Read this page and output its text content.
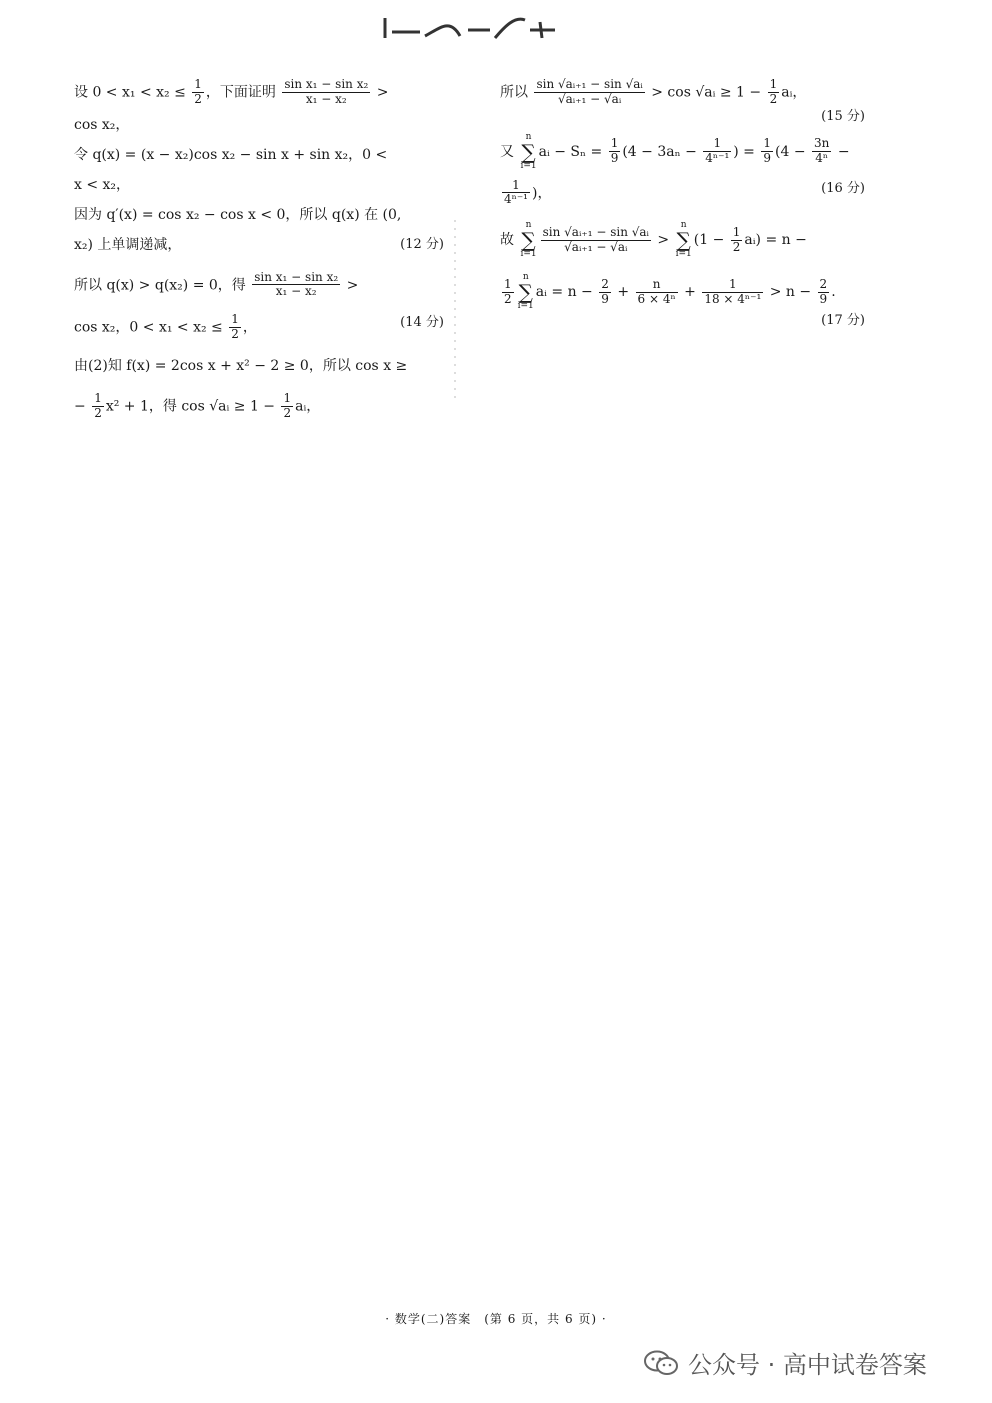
设 $0 < x_1 < x_2 \le \frac{1}{2}$ ，下面证明 $\frac{\text{sin x₁ − sin x₂}}{\text{x₁ − x₂}}$ >
cos x₂，
令 q(x) = (x − x₂)cos x₂ − sin x + sin x₂，0 <
x < x₂，
因为 q′(x) = cos x₂ − cos x < 0，所以 q(x) 在 (0,
x₂) 上单调递减，	(12 分)
所以 q(x) > q(x₂) = 0，得 $\frac{\text{sin x₁ − sin x₂}}{\text{x₁ − x₂}}$ >
cos x₂，$0 < x_1 < x_2 \le \frac{1}{2}$ ，	(14 分)
由(2)知 f(x) = 2cos x + x² − 2 ≥ 0，所以 cos x ≥
− $\frac{1}{2} x^2 + 1$，得 cos √aᵢ ≥ $1 - \frac{1}{2}$ aᵢ，
所以 $\frac{\text{sin √aᵢ₊₁ − sin √aᵢ}}{\text{√aᵢ₊₁ − √aᵢ}} > \cos$ √aᵢ ≥ $1 - \frac{1}{2}$ aᵢ，
(15 分)
又 n
∑
i=1aᵢ − $S_n = \frac{1}{9} (4 - 3a_n - \frac{1}{\text{4ⁿ⁻¹}}$ ) = $\frac{1}{9} (4 - \frac{3n}{\text{4ⁿ}}$ −
$\frac{1}{\text{4ⁿ⁻¹}}$ )，	(16 分)
故 n
∑
$i=1 \frac{\text{sin √aᵢ₊₁ − sin √aᵢ}}{\text{√aᵢ₊₁ − √aᵢ}} > n$
∑
$i=1(1 - \frac{1}{2}$ aᵢ) = n −
$\frac{1}{2}$
n
∑
i=1aᵢ = $n - \frac{2}{9} + \frac{n}{\text{6 × 4ⁿ}} + \frac{1}{\text{18 × 4ⁿ⁻¹}} > n - \frac{2}{9}$ .
(17 分)
· 数学(二)答案　(第 6 页，共 6 页) ·
公众号 · 高中试卷答案
